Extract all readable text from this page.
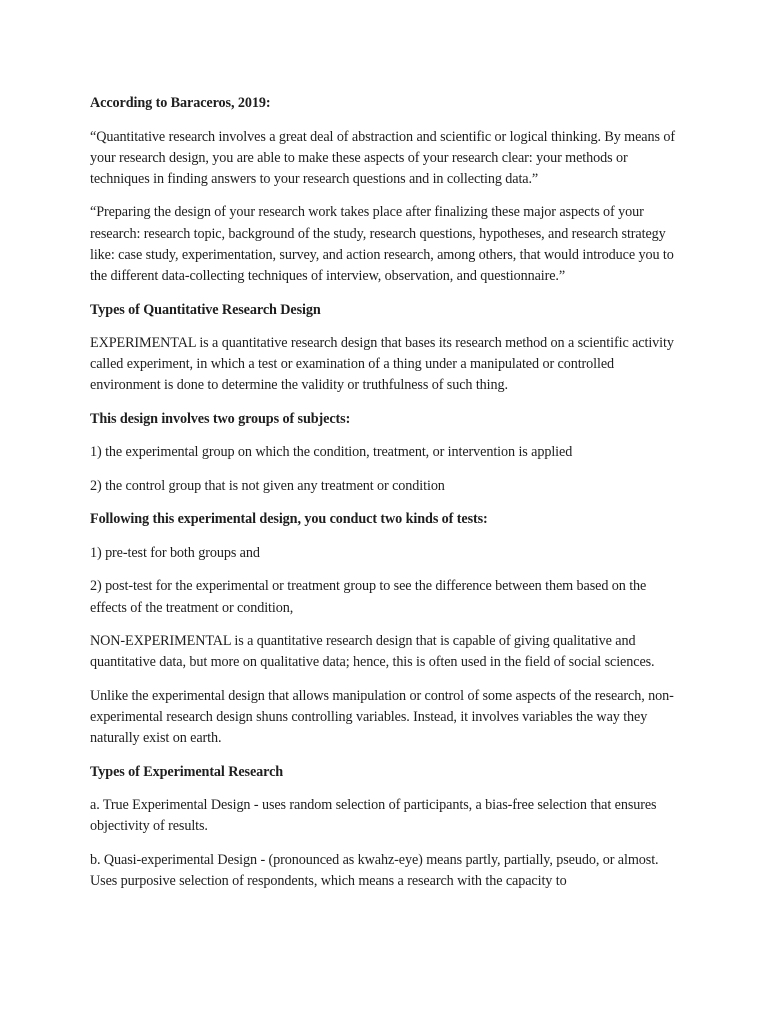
According to Baraceros, 2019:

“Quantitative research involves a great deal of abstraction and scientific or logical thinking. By means of your research design, you are able to make these aspects of your research clear: your methods or techniques in finding answers to your research questions and in collecting data.”

“Preparing the design of your research work takes place after finalizing these major aspects of your research: research topic, background of the study, research questions, hypotheses, and research strategy like: case study, experimentation, survey, and action research, among others, that would introduce you to the different data-collecting techniques of interview, observation, and questionnaire.”

Types of Quantitative Research Design

EXPERIMENTAL is a quantitative research design that bases its research method on a scientific activity called experiment, in which a test or examination of a thing under a manipulated or controlled environment is done to determine the validity or truthfulness of such thing.

This design involves two groups of subjects:

1) the experimental group on which the condition, treatment, or intervention is applied

2) the control group that is not given any treatment or condition

Following this experimental design, you conduct two kinds of tests:

1) pre-test for both groups and

2) post-test for the experimental or treatment group to see the difference between them based on the effects of the treatment or condition,

NON-EXPERIMENTAL is a quantitative research design that is capable of giving qualitative and quantitative data, but more on qualitative data; hence, this is often used in the field of social sciences.

Unlike the experimental design that allows manipulation or control of some aspects of the research, non-experimental research design shuns controlling variables. Instead, it involves variables the way they naturally exist on earth.

Types of Experimental Research

a. True Experimental Design - uses random selection of participants, a bias-free selection that ensures objectivity of results.

b. Quasi-experimental Design - (pronounced as kwahz-eye) means partly, partially, pseudo, or almost. Uses purposive selection of respondents, which means a research with the capacity to
